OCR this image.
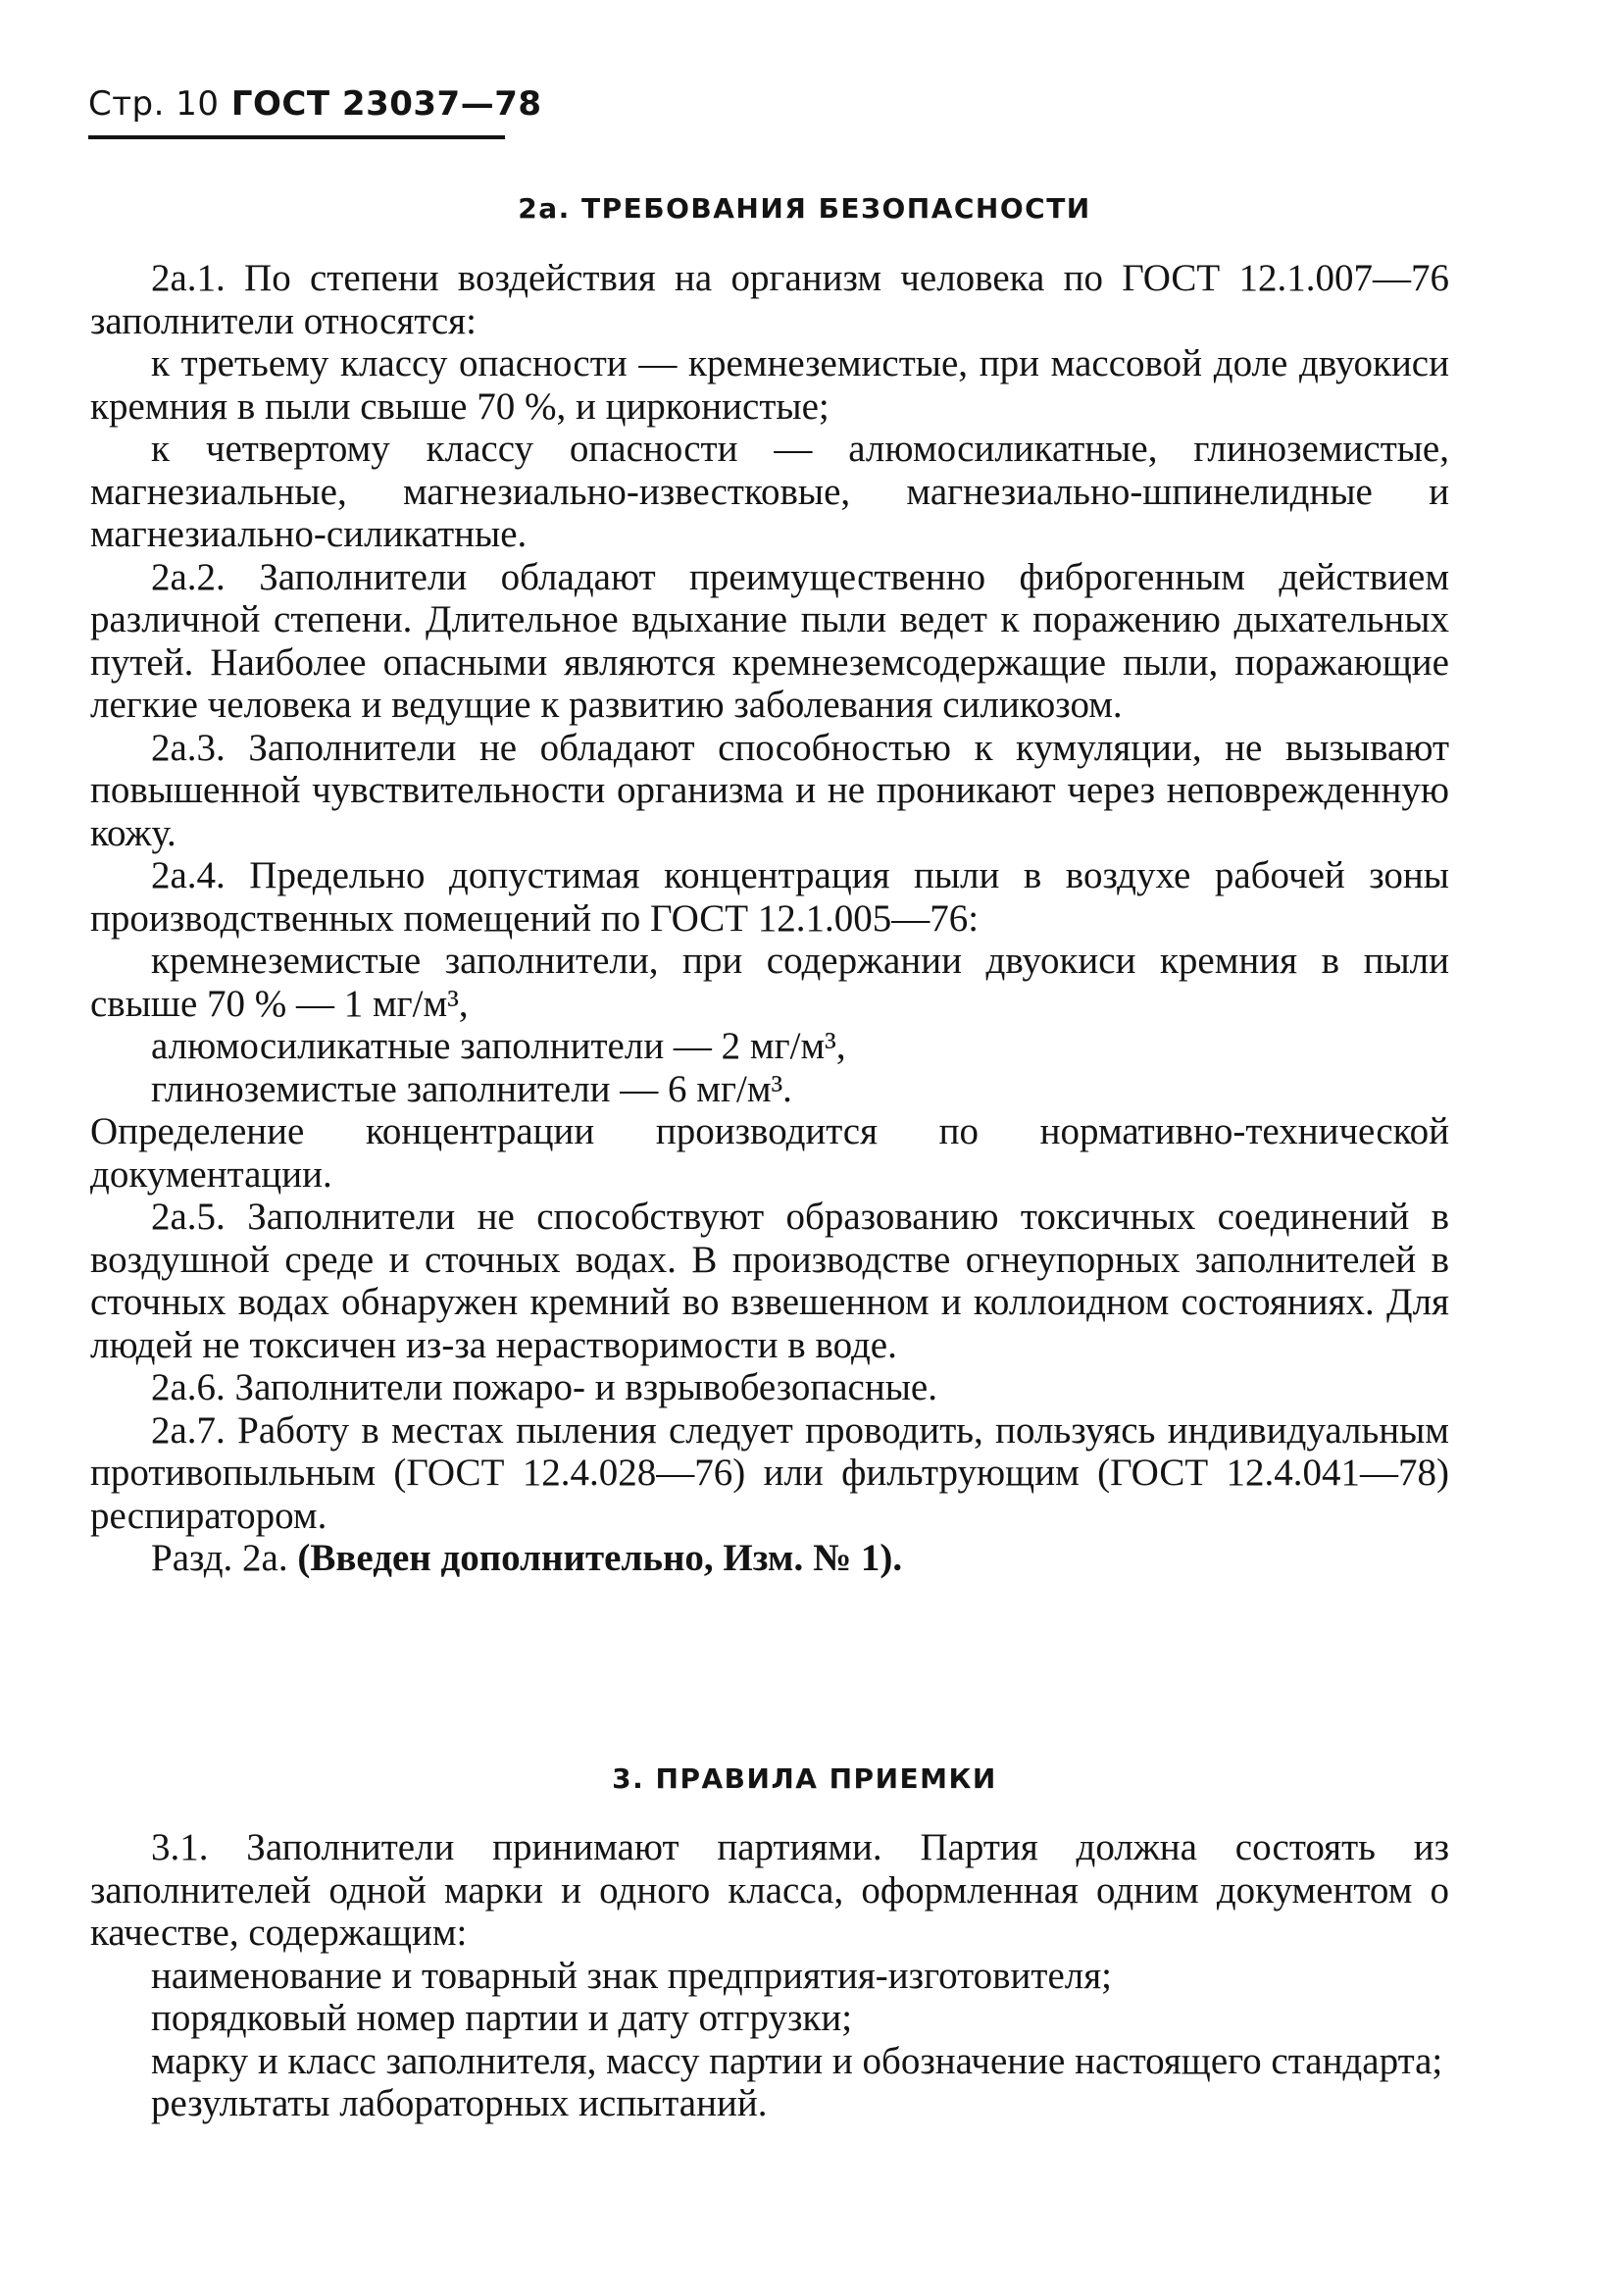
Стр. 10 ГОСТ 23037—78
2а. ТРЕБОВАНИЯ БЕЗОПАСНОСТИ

2а.1. По степени воздействия на организм человека по ГОСТ 12.1.007—76 заполнители относятся:

к третьему классу опасности — кремнеземистые, при массовой доле двуокиси кремния в пыли свыше 70 %, и цирконистые;

к четвертому классу опасности — алюмосиликатные, глиноземистые, магнезиальные, магнезиально-известковые, магнезиально-шпинелидные и магнезиально-силикатные.

2а.2. Заполнители обладают преимущественно фиброгенным действием различной степени. Длительное вдыхание пыли ведет к поражению дыхательных путей. Наиболее опасными являются кремнеземсодержащие пыли, поражающие легкие человека и ведущие к развитию заболевания силикозом.

2а.3. Заполнители не обладают способностью к кумуляции, не вызывают повышенной чувствительности организма и не проникают через неповрежденную кожу.

2а.4. Предельно допустимая концентрация пыли в воздухе рабочей зоны производственных помещений по ГОСТ 12.1.005—76:

кремнеземистые заполнители, при содержании двуокиси кремния в пыли свыше 70 % — 1 мг/м³,

алюмосиликатные заполнители — 2 мг/м³,

глиноземистые заполнители — 6 мг/м³.

Определение концентрации производится по нормативно-технической документации.

2а.5. Заполнители не способствуют образованию токсичных соединений в воздушной среде и сточных водах. В производстве огнеупорных заполнителей в сточных водах обнаружен кремний во взвешенном и коллоидном состояниях. Для людей не токсичен из-за нерастворимости в воде.

2а.6. Заполнители пожаро- и взрывобезопасные.

2а.7. Работу в местах пыления следует проводить, пользуясь индивидуальным противопыльным (ГОСТ 12.4.028—76) или фильтрующим (ГОСТ 12.4.041—78) респиратором.

Разд. 2а. (Введен дополнительно, Изм. № 1).

3. ПРАВИЛА ПРИЕМКИ

3.1. Заполнители принимают партиями. Партия должна состоять из заполнителей одной марки и одного класса, оформленная одним документом о качестве, содержащим:

наименование и товарный знак предприятия-изготовителя;

порядковый номер партии и дату отгрузки;

марку и класс заполнителя, массу партии и обозначение настоящего стандарта;

результаты лабораторных испытаний.
